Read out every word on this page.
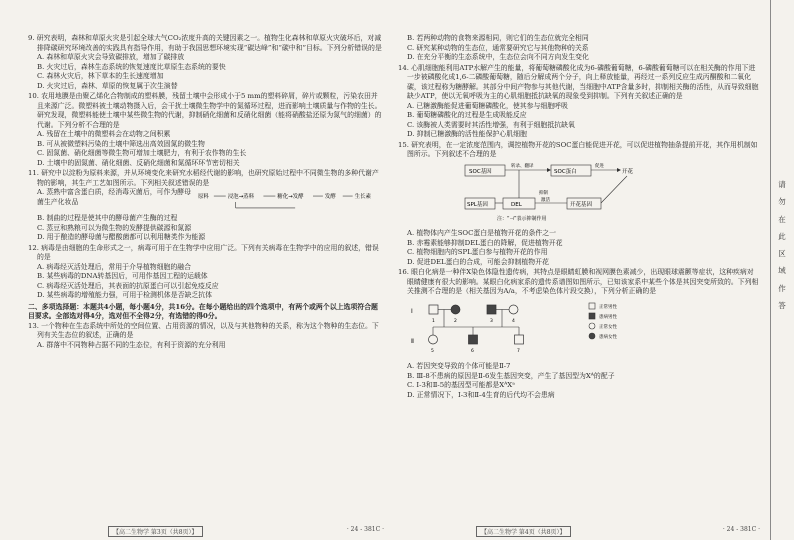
9. 研究表明，森林和草原火灾是引起全球大气CO₂浓度升高的关键因素之一。植物生化森林和草原火灾破坏后，对减排降碳研究环境改善的实践具有指导作用，有助于我国思想环境实现“碳达峰”和“碳中和”目标。下列分析错误的是
A. 森林和草原火灾会导致碳排放，增加了碳排放
B. 火灾过后，森林生态系统的恢复速度比草原生态系统的要快
C. 森林火灾后，林下草本的生长速度增加
D. 火灾过后，森林、草原的恢复属于次生演替
10. 农用地膜是由聚乙烯化合物制成的塑料膜，残留土壤中会形成小于5 mm的塑料碎屑，碎片或颗粒，污染农田并且来源广泛。微塑料被土壤动物摄入后，会干扰土壤微生物学中的氮循环过程，进而影响土壤质量与作物的生长。研究发现，微塑料能使土壤中某些微生物的代谢，抑制硝化细菌和反硝化细菌（能将硝酸盐还原为氮气的细菌）的代谢。下列分析不合理的是
A. 残留在土壤中的微塑料会在动物之间积累
B. 可从被微塑料污染的土壤中筛选出高效固氮的微生物
C. 固氮菌、硝化细菌等微生物可增加土壤肥力，有利于农作物的生长
D. 土壤中的固氮菌、硝化细菌、反硝化细菌和氮循环环节密切相关
11. 研究中以淀粉为原料来源，并从环境变化来研究水稻经代谢的影响，也研究原始过程中不同微生物的多种代谢产物的影响，其生产工艺如图所示。下列相关叙述错误的是
A. 蒸熟中富含蛋白质，经消毒灭菌后，可作为酵母菌生产化妆品
原料	浸泡→蒸料	糖化→发酵	发酵	生长素
B. 制曲的过程是使其中的酵母菌产生酶的过程
C. 蒸豆和熟粮可以为微生物的发酵提供碳源和氮源
D. 用于酿造的酵母菌与醋酸菌都可以利用糖类作为能源
12. 病毒是由细胞的生命形式之一，病毒可用于在生物学中应用广泛。下列有关病毒在生物学中的应用的叙述，错误的是
A. 病毒经灭活处理后，常用于介导植物细胞的融合
B. 某些病毒的DNA转基因后，可用作基因工程的运载体
C. 病毒经灭活处理后，其表面的抗原蛋白可以引起免疫反应
D. 某些病毒的增殖能力强，可用于检测机体是否缺乏抗体
二、多项选择题：本题共4小题，每小题4分，共16分。在每小题给出的四个选项中，有两个或两个以上选项符合题目要求。全部选对得4分，选对但不全得2分，有选错的得0分。
13. 一个物种在生态系统中所处的空间位置、占用资源的情况，以及与其他物种的关系，称为这个物种的生态位。下列有关生态位的叙述，正确的是
A. 群落中不同物种占据不同的生态位，有利于资源的充分利用
【高二生物学 第3页（共8页）】	· 24 - 381C ·
B. 若两种动物的食物来源相同，则它们的生态位就完全相同
C. 研究某种动物的生态位，通常要研究它与其他物种的关系
D. 在充分平衡的生态系统中，生态位会向不同方向发生变化
14. 心肌细胞能利用ATP水解产生的能量，将葡萄糖磷酸化成为6-磷酸葡萄糖，6-磷酸葡萄糖可以在相关酶的作用下进一步被磷酸化成1,6-二磷酸葡萄糖，随后分解成两个分子，向上释放能量，再经过一系列反应生成丙酮酸和二氧化碳，该过程称为糖酵解。其部分中间产物参与其他代谢，当细胞中ATP含量多时，抑制相关酶的活性，从而导致细胞缺少ATP，使以无氧呼吸为主的心肌细胞抵抗缺氧的现象受到抑制。下列有关叙述正确的是
A. 已糖激酶能促进葡萄糖磷酸化，使其参与细胞呼吸
B. 葡萄糖磷酸化的过程是生成吸能反应
C. 该酶被人类需要时其活性增强，有利于细胞抵抗缺氧
D. 抑制已糖激酶的活性能保护心肌细胞
15. 研究表明，在一定浓度范围内，调控植物开花的SOC蛋白能促进开花，可以促进植物抽条提前开花，其作用机制如图所示。下列叙述不合理的是
SOC基因
转录、翻译
SOC蛋白
促进
开花
DEL
抑制
SPL基因	开花基因
激活
注：“⊣”表示抑制作用
A. 植物体内产生SOC蛋白是植物开花的条件之一
B. 赤霉素能够抑制DEL蛋白的降解，促进植物开花
C. 植物细胞内的SPL蛋白参与植物开花的作用
D. 促进DEL蛋白的合成，可能会抑制植物开花
16. 眼白化病是一种伴X染色体隐性遗传病，其特点是眼睛虹膜和视网膜色素减少，出现眼球震颤等症状，这种疾病对眼睛健康有很大的影响。某眼白化病家系的遗传系谱图如图所示，已知该家系中某些个体是其因突变所致的。下列相关推测不合理的是（相关基因为A/a，不考虑染色体片段交换），下列分析正确的是
Ⅰ
Ⅱ
1	2	3	4
5	6	7
正常男性
患病男性
正常女性
患病女性
A. 若因突变导致的个体可能是Ⅱ-7
B. Ⅲ-8不患病的原因是Ⅱ-6发生基因突变，产生了基因型为Xᴬ的配子
C. Ⅰ-3和Ⅱ-5的基因型可能都是XᴬXᵃ
D. 正常情况下，Ⅰ-3和Ⅱ-4生育的后代均不会患病
【高二生物学 第4页（共8页）】	· 24 - 381C ·
请
勿
在
此
区
域
作
答
